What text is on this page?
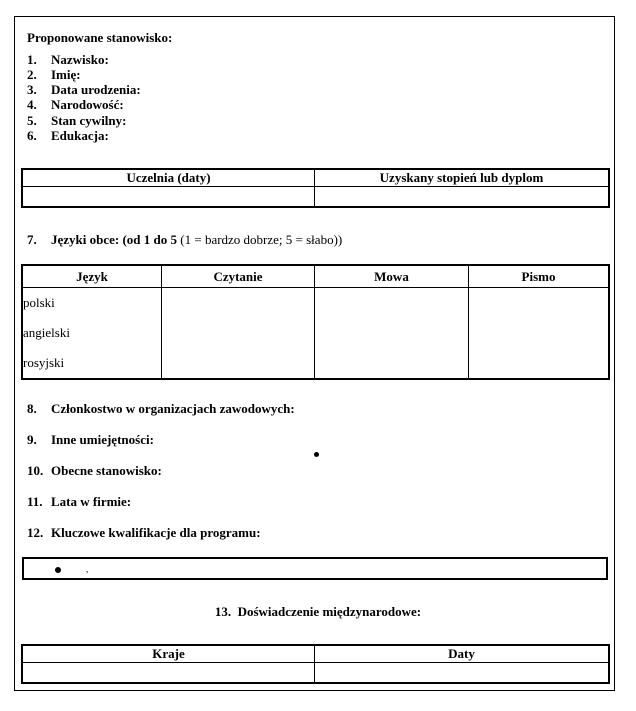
Proponowane stanowisko:
1. Nazwisko:
2. Imię:
3. Data urodzenia:
4. Narodowość:
5. Stan cywilny:
6. Edukacja:
Uczelnia (daty)	Uzyskany stopień lub dyplom

7. Języki obce: (od 1 do 5 (1 = bardzo dobrze; 5 = słabo))
Język	Czytanie	Mowa	Pismo
polski			
angielski			
rosyjski			
8. Członkostwo w organizacjach zawodowych:
9. Inne umiejętności:
10. Obecne stanowisko:
11. Lata w firmie:
12. Kluczowe kwalifikacje dla programu:
,
13.  Doświadczenie międzynarodowe:
Kraje	Daty
